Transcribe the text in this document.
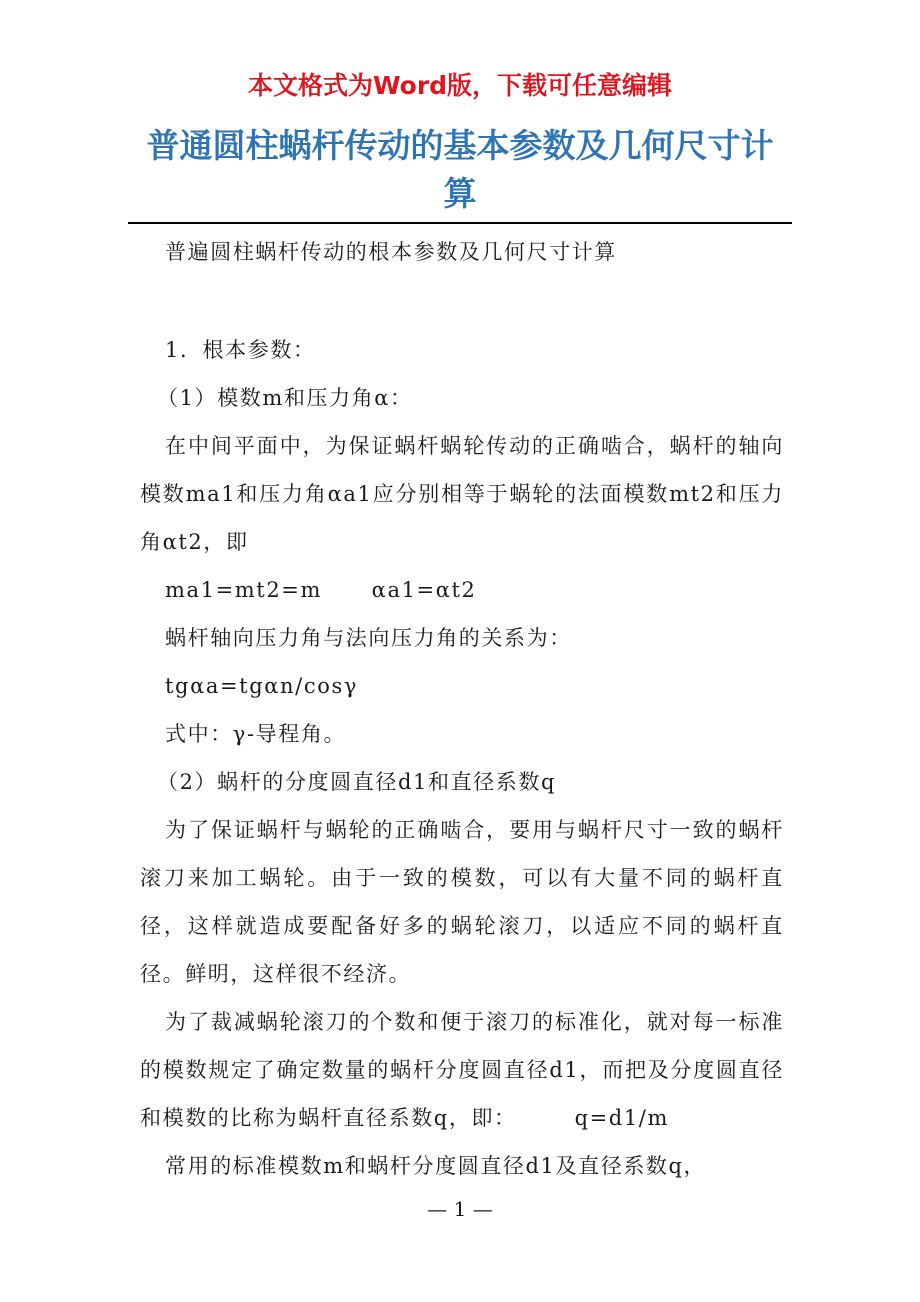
本文格式为Word版，下载可任意编辑
普通圆柱蜗杆传动的基本参数及几何尺寸计算

普遍圆柱蜗杆传动的根本参数及几何尺寸计算

1．根本参数：

（1）模数m和压力角α：

在中间平面中，为保证蜗杆蜗轮传动的正确啮合，蜗杆的轴向模数ma1和压力角αa1应分别相等于蜗轮的法面模数mt2和压力角αt2，即

ma1=mt2=m      αa1=αt2

蜗杆轴向压力角与法向压力角的关系为：

tgαa=tgαn/cosγ

式中：γ-导程角。

（2）蜗杆的分度圆直径d1和直径系数q

为了保证蜗杆与蜗轮的正确啮合，要用与蜗杆尺寸一致的蜗杆滚刀来加工蜗轮。由于一致的模数，可以有大量不同的蜗杆直径，这样就造成要配备好多的蜗轮滚刀，以适应不同的蜗杆直径。鲜明，这样很不经济。

为了裁减蜗轮滚刀的个数和便于滚刀的标准化，就对每一标准的模数规定了确定数量的蜗杆分度圆直径d1，而把及分度圆直径和模数的比称为蜗杆直径系数q，即：       q=d1/m

常用的标准模数m和蜗杆分度圆直径d1及直径系数q，

— 1 —
